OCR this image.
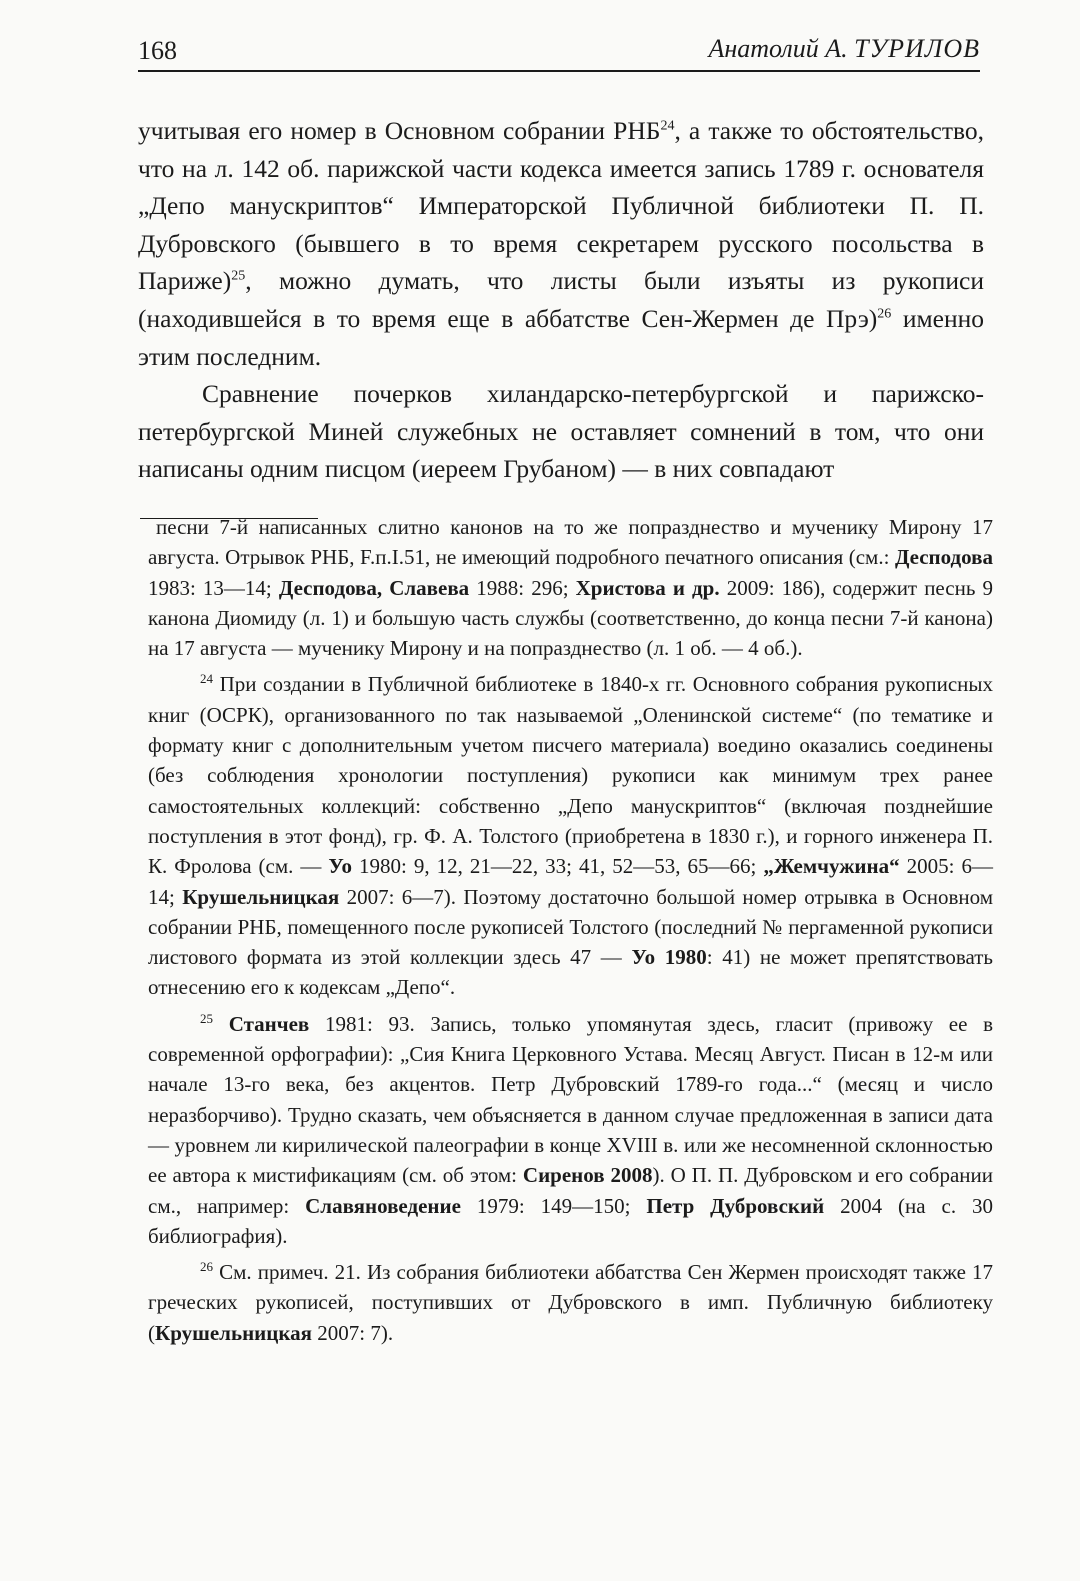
168	Анатолий А. ТУРИЛОВ

учитывая его номер в Основном собрании РНБ$^{24}$, а также то обстоятельство, что на л. 142 об. парижской части кодекса имеется запись 1789 г. основателя „Депо манускриптов“ Императорской Публичной библиотеки П. П. Дубровского (бывшего в то время секретарем русского посольства в Париже)$^{25}$, можно думать, что листы были изъяты из рукописи (находившейся в то время еще в аббатстве Сен-Жермен де Прэ)$^{26}$ именно этим последним.

Сравнение почерков хиландарско-петербургской и парижско-петербургской Миней служебных не оставляет сомнений в том, что они написаны одним писцом (иереем Грубаном) — в них совпадают

песни 7-й написанных слитно канонов на то же попразднество и мученику Мирону 17 августа. Отрывок РНБ, F.п.I.51, не имеющий подробного печатного описания (см.: Десподова 1983: 13—14; Десподова, Славева 1988: 296; Христова и др. 2009: 186), содержит песнь 9 канона Диомиду (л. 1) и большую часть службы (соответственно, до конца песни 7-й канона) на 17 августа — мученику Мирону и на попразднество (л. 1 об. — 4 об.).

$^{24}$ При создании в Публичной библиотеке в 1840-х гг. Основного собрания рукописных книг (ОСРК), организованного по так называемой „Оленинской системе“ (по тематике и формату книг с дополнительным учетом писчего материала) воедино оказались соединены (без соблюдения хронологии поступления) рукописи как минимум трех ранее самостоятельных коллекций: собственно „Депо манускриптов“ (включая позднейшие поступления в этот фонд), гр. Ф. А. Толстого (приобретена в 1830 г.), и горного инженера П. К. Фролова (см. — Уо 1980: 9, 12, 21—22, 33; 41, 52—53, 65—66; „Жемчужина“ 2005: 6—14; Крушельницкая 2007: 6—7). Поэтому достаточно большой номер отрывка в Основном собрании РНБ, помещенного после рукописей Толстого (последний № пергаменной рукописи листового формата из этой коллекции здесь 47 — Уо 1980: 41) не может препятствовать отнесению его к кодексам „Депо“.

$^{25}$ Станчев 1981: 93. Запись, только упомянутая здесь, гласит (привожу ее в современной орфографии): „Сия Книга Церковного Устава. Месяц Август. Писан в 12-м или начале 13-го века, без акцентов. Петр Дубровский 1789-го года...“ (месяц и число неразборчиво). Трудно сказать, чем объясняется в данном случае предложенная в записи дата — уровнем ли кирилической палеографии в конце XVIII в. или же несомненной склонностью ее автора к мистификациям (см. об этом: Сиренов 2008). О П. П. Дубровском и его собрании см., например: Славяноведение 1979: 149—150; Петр Дубровский 2004 (на с. 30 библиография).

$^{26}$ См. примеч. 21. Из собрания библиотеки аббатства Сен Жермен происходят также 17 греческих рукописей, поступивших от Дубровского в имп. Публичную библиотеку (Крушельницкая 2007: 7).
